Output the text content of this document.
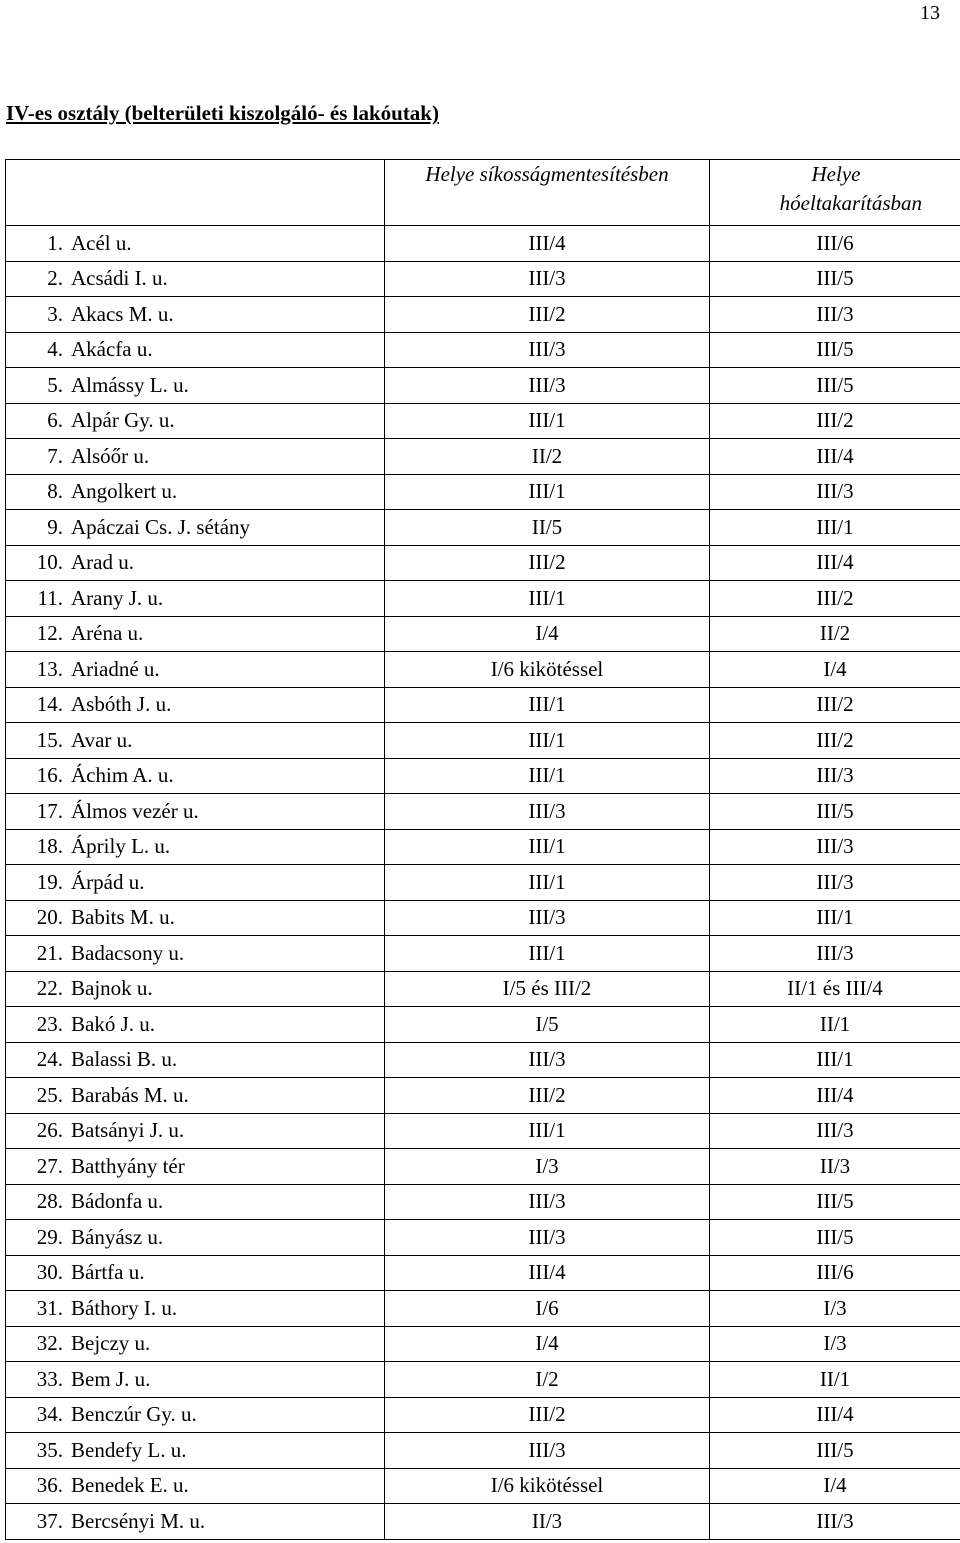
13
IV-es osztály (belterületi kiszolgáló- és lakóutak)
	Helye síkosságmentesítésben	Helye
hóeltakarításban

1. Acél u.	III/4	III/6
2. Acsádi I. u.	III/3	III/5
3. Akacs M. u.	III/2	III/3
4. Akácfa u.	III/3	III/5
5. Almássy L. u.	III/3	III/5
6. Alpár Gy. u.	III/1	III/2
7. Alsóőr u.	II/2	III/4
8. Angolkert u.	III/1	III/3
9. Apáczai Cs. J. sétány	II/5	III/1
10. Arad u.	III/2	III/4
11. Arany J. u.	III/1	III/2
12. Aréna u.	I/4	II/2
13. Ariadné u.	I/6 kikötéssel	I/4
14. Asbóth J. u.	III/1	III/2
15. Avar u.	III/1	III/2
16. Áchim A. u.	III/1	III/3
17. Álmos vezér u.	III/3	III/5
18. Áprily L. u.	III/1	III/3
19. Árpád u.	III/1	III/3
20. Babits M. u.	III/3	III/1
21. Badacsony u.	III/1	III/3
22. Bajnok u.	I/5 és III/2	II/1 és III/4
23. Bakó J. u.	I/5	II/1
24. Balassi B. u.	III/3	III/1
25. Barabás M. u.	III/2	III/4
26. Batsányi J. u.	III/1	III/3
27. Batthyány tér	I/3	II/3
28. Bádonfa u.	III/3	III/5
29. Bányász u.	III/3	III/5
30. Bártfa u.	III/4	III/6
31. Báthory I. u.	I/6	I/3
32. Bejczy u.	I/4	I/3
33. Bem J. u.	I/2	II/1
34. Benczúr Gy. u.	III/2	III/4
35. Bendefy L. u.	III/3	III/5
36. Benedek E. u.	I/6 kikötéssel	I/4
37. Bercsényi M. u.	II/3	III/3
